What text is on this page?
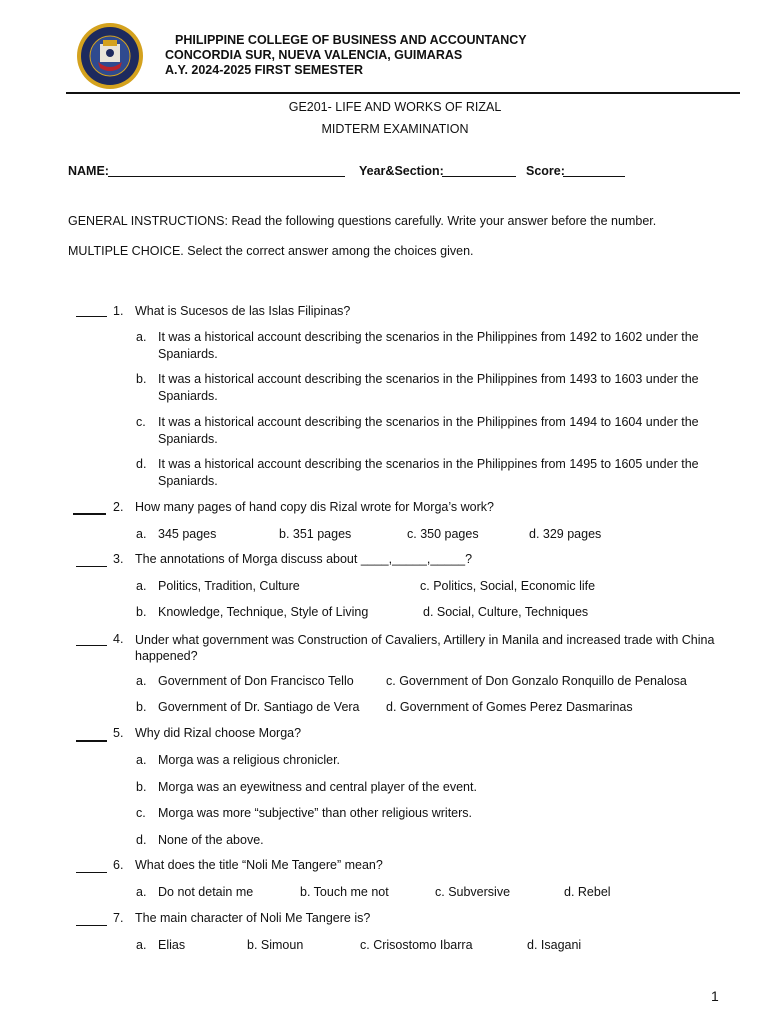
PHILIPPINE COLLEGE OF BUSINESS AND ACCOUNTANCY
CONCORDIA SUR, NUEVA VALENCIA, GUIMARAS
A.Y. 2024-2025 FIRST SEMESTER
GE201- LIFE AND WORKS OF RIZAL
MIDTERM EXAMINATION
NAME:	Year&Section:	Score:
GENERAL INSTRUCTIONS: Read the following questions carefully. Write your answer before the number.
MULTIPLE CHOICE. Select the correct answer among the choices given.
1. What is Sucesos de las Islas Filipinas?
a. It was a historical account describing the scenarios in the Philippines from 1492 to 1602 under the Spaniards.
b. It was a historical account describing the scenarios in the Philippines from 1493 to 1603 under the Spaniards.
c. It was a historical account describing the scenarios in the Philippines from 1494 to 1604 under the Spaniards.
d. It was a historical account describing the scenarios in the Philippines from 1495 to 1605 under the Spaniards.
2. How many pages of hand copy dis Rizal wrote for Morga’s work?
a. 345 pages	b. 351 pages	c. 350 pages	d. 329 pages
3. The annotations of Morga discuss about ____,_____,_____?
a. Politics, Tradition, Culture	c. Politics, Social, Economic life
b. Knowledge, Technique, Style of Living	d. Social, Culture, Techniques
4. Under what government was Construction of Cavaliers, Artillery in Manila and increased trade with China happened?
a. Government of Don Francisco Tello	c. Government of Don Gonzalo Ronquillo de Penalosa
b. Government of Dr. Santiago de Vera d. Government of Gomes Perez Dasmarinas
5. Why did Rizal choose Morga?
a. Morga was a religious chronicler.
b. Morga was an eyewitness and central player of the event.
c. Morga was more “subjective” than other religious writers.
d. None of the above.
6. What does the title “Noli Me Tangere” mean?
a. Do not detain me	b. Touch me not	c. Subversive	d. Rebel
7. The main character of Noli Me Tangere is?
a. Elias	b. Simoun	c. Crisostomo Ibarra	d. Isagani
1
